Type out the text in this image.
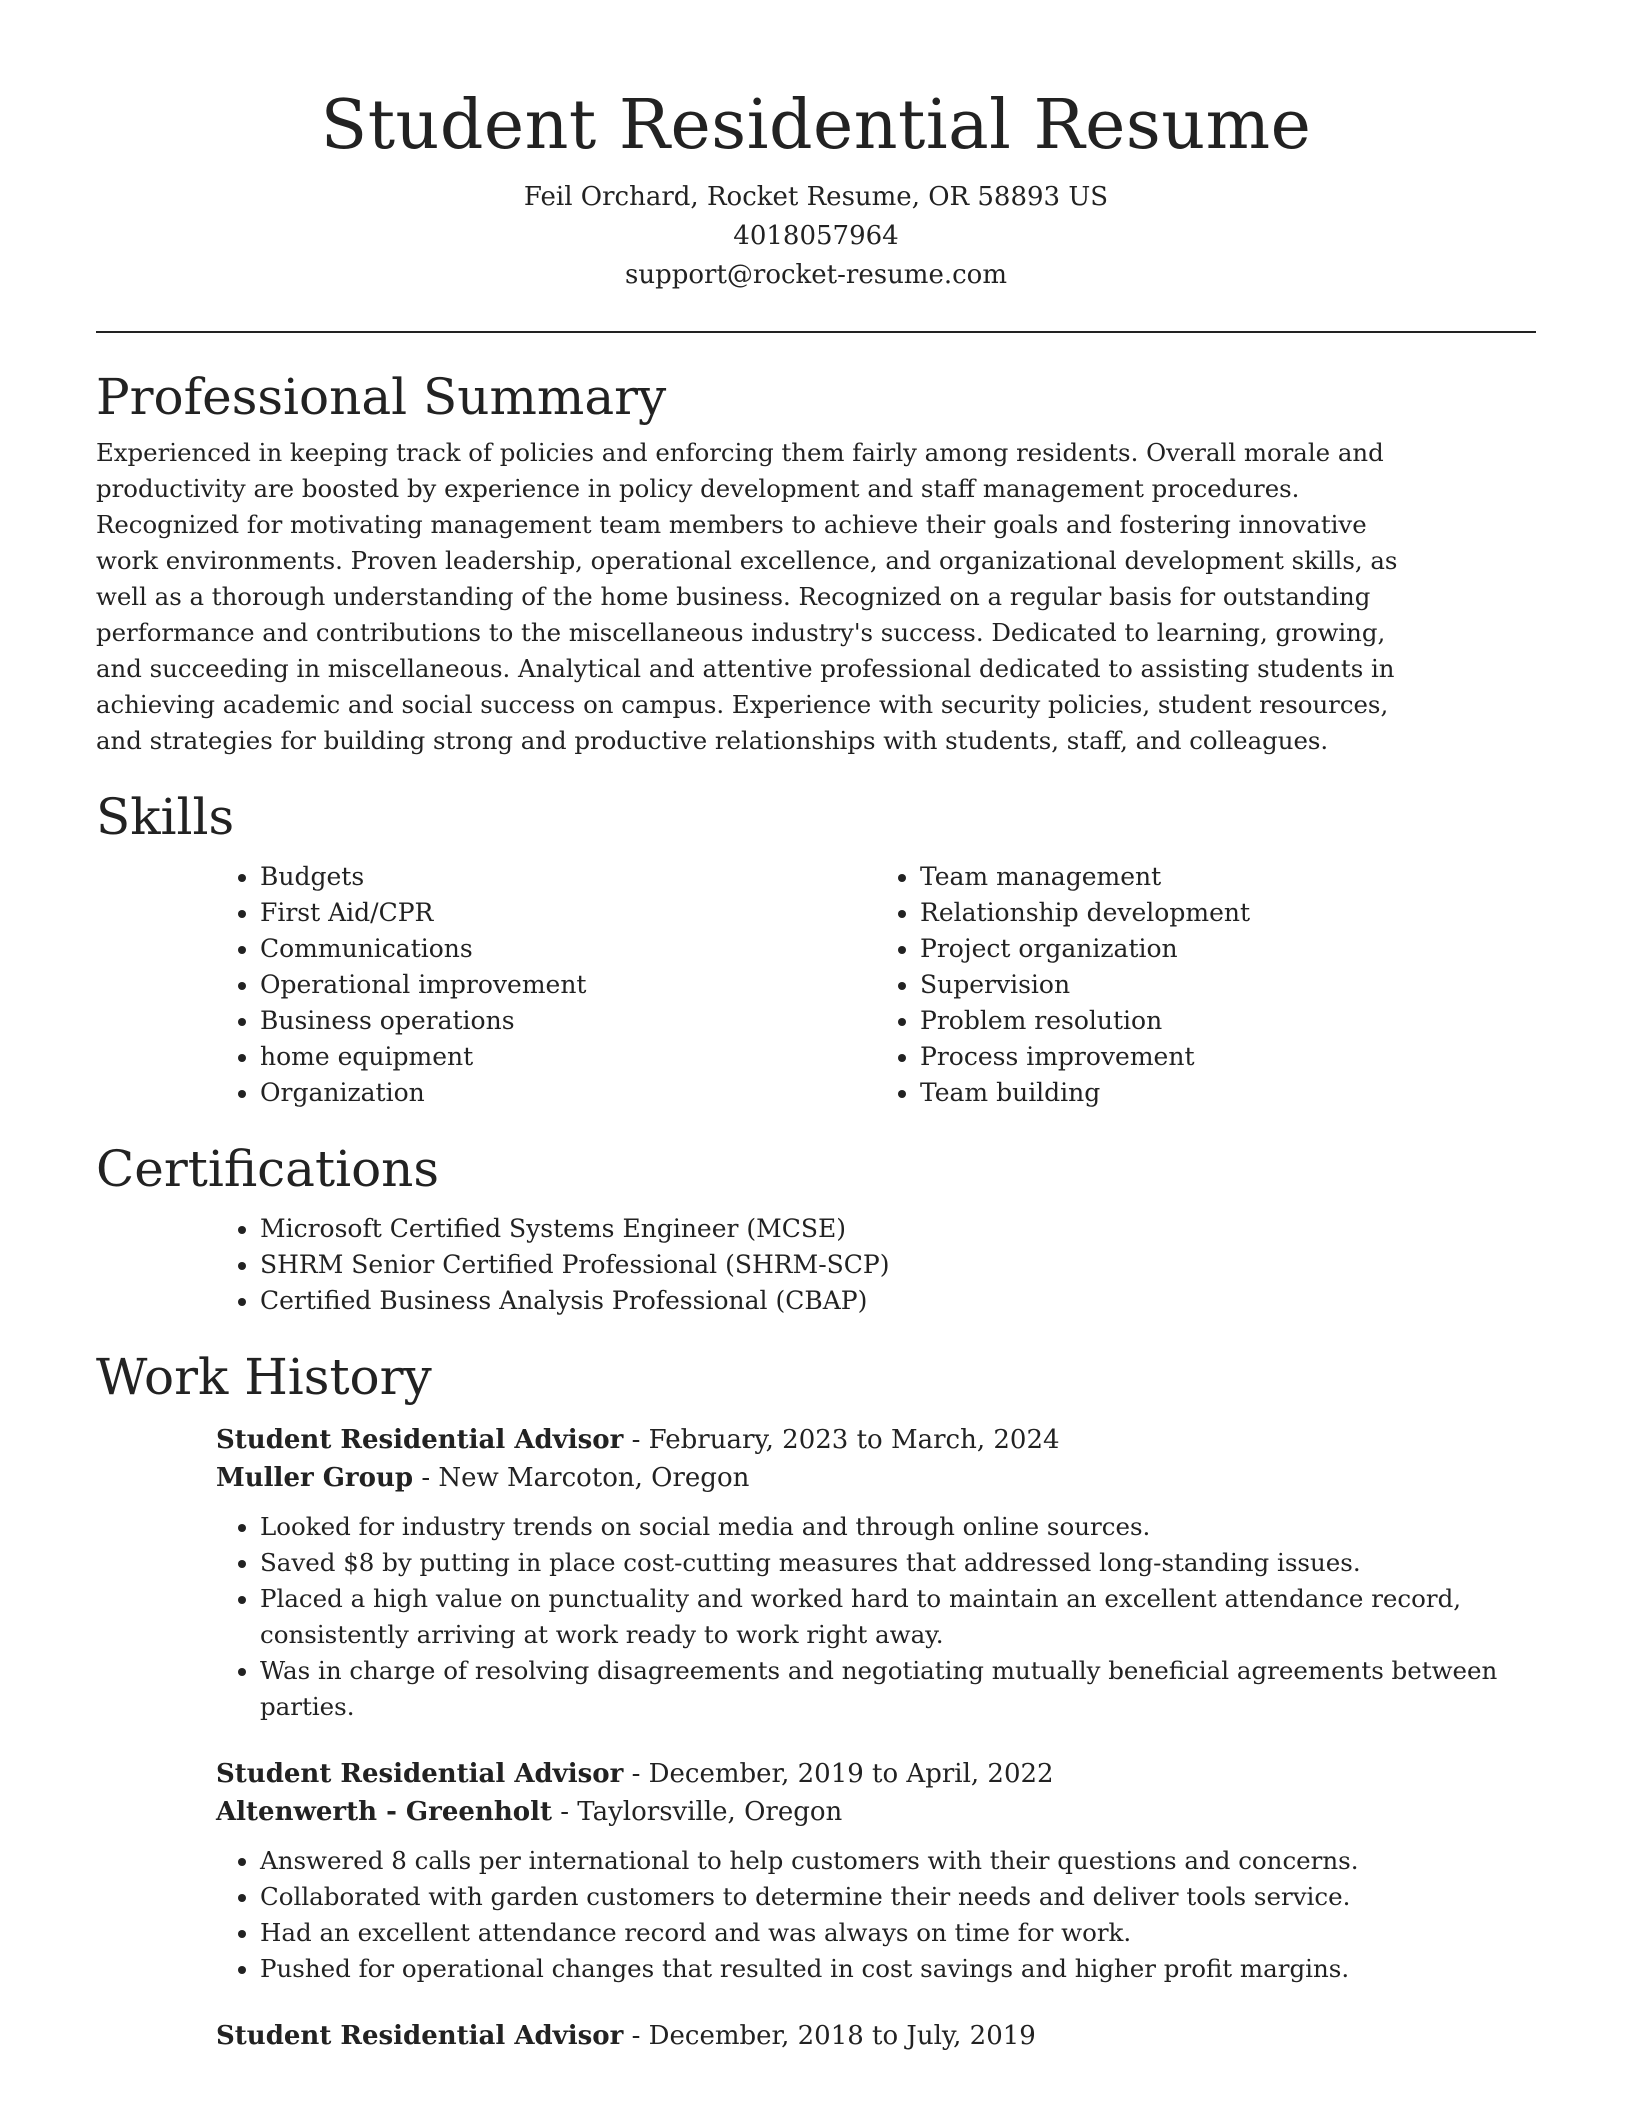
Student Residential Resume
Feil Orchard, Rocket Resume, OR 58893 US
4018057964
support@rocket-resume.com
Professional Summary

Experienced in keeping track of policies and enforcing them fairly among residents. Overall morale and productivity are boosted by experience in policy development and staff management procedures. Recognized for motivating management team members to achieve their goals and fostering innovative work environments. Proven leadership, operational excellence, and organizational development skills, as well as a thorough understanding of the home business. Recognized on a regular basis for outstanding performance and contributions to the miscellaneous industry's success. Dedicated to learning, growing, and succeeding in miscellaneous. Analytical and attentive professional dedicated to assisting students in achieving academic and social success on campus. Experience with security policies, student resources, and strategies for building strong and productive relationships with students, staff, and colleagues.

Skills
• Budgets
• First Aid/CPR
• Communications
• Operational improvement
• Business operations
• home equipment
• Organization
• Team management
• Relationship development
• Project organization
• Supervision
• Problem resolution
• Process improvement
• Team building
Certifications
• Microsoft Certified Systems Engineer (MCSE)
• SHRM Senior Certified Professional (SHRM-SCP)
• Certified Business Analysis Professional (CBAP)
Work History
Student Residential Advisor - February, 2023 to March, 2024
Muller Group - New Marcoton, Oregon
• Looked for industry trends on social media and through online sources.
• Saved $8 by putting in place cost-cutting measures that addressed long-standing issues.
• Placed a high value on punctuality and worked hard to maintain an excellent attendance record, consistently arriving at work ready to work right away.
• Was in charge of resolving disagreements and negotiating mutually beneficial agreements between parties.
Student Residential Advisor - December, 2019 to April, 2022
Altenwerth - Greenholt - Taylorsville, Oregon
• Answered 8 calls per international to help customers with their questions and concerns.
• Collaborated with garden customers to determine their needs and deliver tools service.
• Had an excellent attendance record and was always on time for work.
• Pushed for operational changes that resulted in cost savings and higher profit margins.
Student Residential Advisor - December, 2018 to July, 2019
